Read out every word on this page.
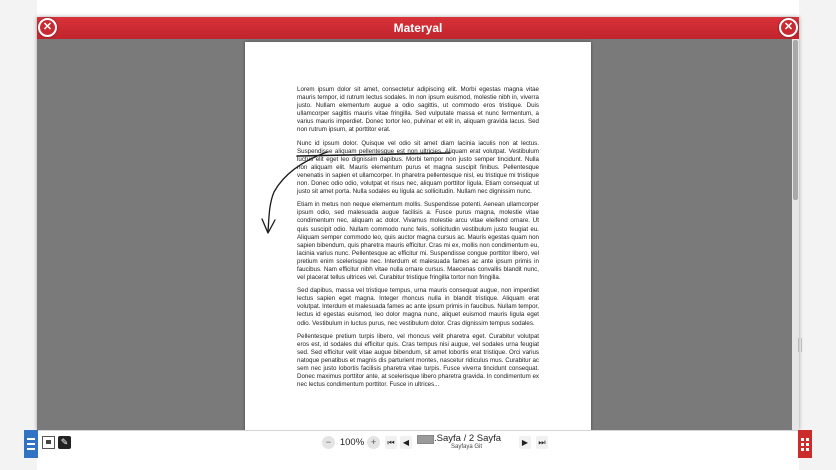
Materyal

Lorem ipsum dolor sit amet, consectetur adipiscing elit. Morbi egestas magna vitae mauris tempor, id rutrum lectus sodales. In non ipsum euismod, molestie nibh in, viverra justo. Nullam elementum augue a odio sagittis, ut commodo eros tristique. Duis ullamcorper sagittis mauris vitae fringilla. Sed vulputate massa et nunc fermentum, a varius mauris imperdiet. Donec tortor leo, pulvinar et elit in, aliquam gravida lacus. Sed non rutrum ipsum, at porttitor erat.

Nunc id ipsum dolor. Quisque vel odio sit amet diam lacinia iaculis non at lectus. Suspendisse aliquam pellentesque est non ultricies. Aliquam erat volutpat. Vestibulum luctus elit eget leo dignissim dapibus. Morbi tempor non justo semper tincidunt. Nulla non aliquam elit. Mauris elementum purus et magna suscipit finibus. Pellentesque venenatis in sapien et ullamcorper. In pharetra pellentesque nisl, eu tristique mi tristique non. Donec odio odio, volutpat et risus nec, aliquam porttitor ligula. Etiam consequat ut justo sit amet porta. Nulla sodales eu ligula ac sollicitudin. Nullam nec dignissim nunc.

Etiam in metus non neque elementum mollis. Suspendisse potenti. Aenean ullamcorper ipsum odio, sed malesuada augue facilisis a. Fusce purus magna, molestie vitae condimentum nec, aliquam ac dolor. Vivamus molestie arcu vitae eleifend ornare. Ut quis suscipit odio. Nullam commodo nunc felis, sollicitudin vestibulum justo feugiat eu. Aliquam semper commodo leo, quis auctor magna cursus ac. Mauris egestas quam non sapien bibendum, quis pharetra mauris efficitur. Cras mi ex, mollis non condimentum eu, lacinia varius nunc. Pellentesque ac efficitur mi. Suspendisse congue porttitor libero, vel pretium enim scelerisque nec. Interdum et malesuada fames ac ante ipsum primis in faucibus. Nam efficitur nibh vitae nulla ornare cursus. Maecenas convallis blandit nunc, vel placerat tellus ultrices vel. Curabitur tristique fringilla tortor non fringilla.

Sed dapibus, massa vel tristique tempus, urna mauris consequat augue, non imperdiet lectus sapien eget magna. Integer rhoncus nulla in blandit tristique. Aliquam erat volutpat. Interdum et malesuada fames ac ante ipsum primis in faucibus. Nullam tempor, lectus id egestas euismod, leo dolor magna nunc, aliquet euismod mauris ligula eget odio. Vestibulum in luctus purus, nec vestibulum dolor. Cras dignissim tempus sodales.

Pellentesque pretium turpis libero, vel rhoncus velit pharetra eget. Curabitur volutpat eros est, id sodales dui efficitur quis. Cras tempus nisi augue, vel sodales urna feugiat sed. Sed efficitur velit vitae augue bibendum, sit amet lobortis erat tristique. Orci varius natoque penatibus et magnis dis parturient montes, nascetur ridiculus mus. Curabitur ac sem nec justo lobortis facilisis pharetra vitae turpis. Fusce viverra tincidunt consequat. Donec maximus porttitor ante, at scelerisque libero pharetra gravida. In condimentum ex nec lectus condimentum porttitor. Fusce in ultrices...

✕	✕
✎	− 100% +	⏮	◀	.Sayfa / 2 Sayfa
Sayfaya Git	▶	⏭
